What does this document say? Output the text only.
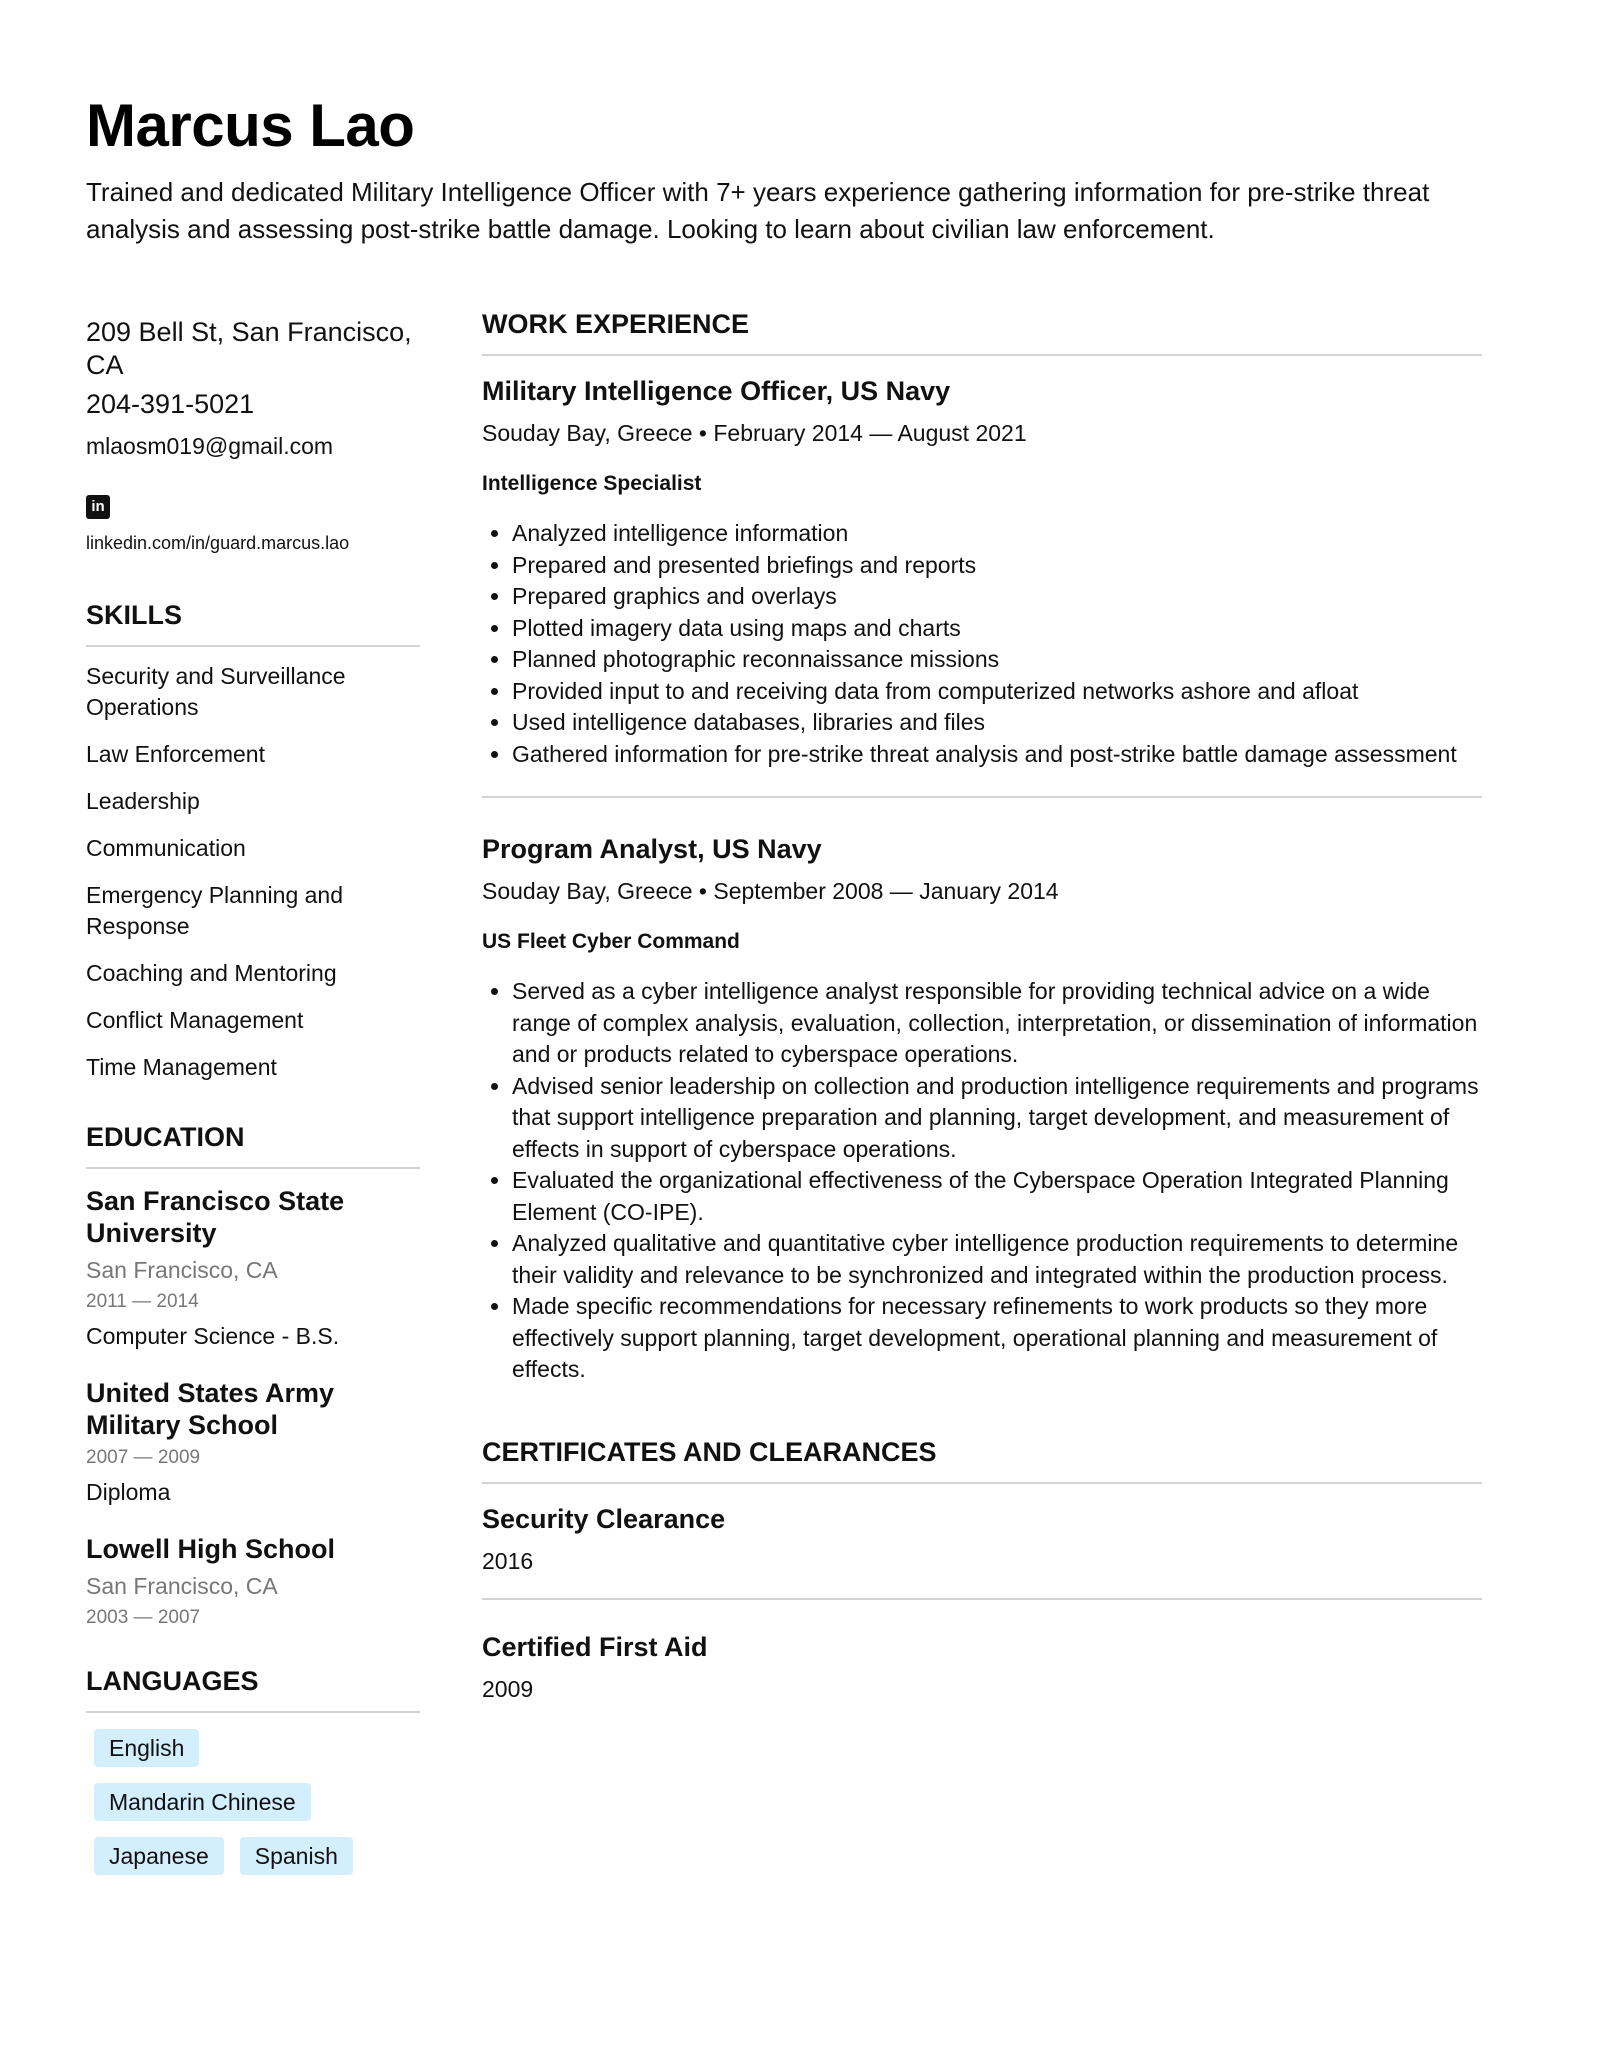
Marcus Lao

Trained and dedicated Military Intelligence Officer with 7+ years experience gathering information for pre-strike threat analysis and assessing post-strike battle damage. Looking to learn about civilian law enforcement.

209 Bell St, San Francisco, CA

204-391-5021

mlaosm019@gmail.com
in
linkedin.com/in/guard.marcus.lao
SKILLS
Security and Surveillance Operations
Law Enforcement
Leadership
Communication
Emergency Planning and Response
Coaching and Mentoring
Conflict Management
Time Management
EDUCATION
San Francisco State University
San Francisco, CA
2011 — 2014
Computer Science - B.S.
United States Army Military School
2007 — 2009
Diploma
Lowell High School
San Francisco, CA
2003 — 2007
LANGUAGES
English
Mandarin Chinese
Japanese	Spanish
WORK EXPERIENCE
Military Intelligence Officer, US Navy
Souday Bay, Greece • February 2014 — August 2021
Intelligence Specialist
• Analyzed intelligence information
• Prepared and presented briefings and reports
• Prepared graphics and overlays
• Plotted imagery data using maps and charts
• Planned photographic reconnaissance missions
• Provided input to and receiving data from computerized networks ashore and afloat
• Used intelligence databases, libraries and files
• Gathered information for pre-strike threat analysis and post-strike battle damage assessment
Program Analyst, US Navy
Souday Bay, Greece • September 2008 — January 2014
US Fleet Cyber Command
• Served as a cyber intelligence analyst responsible for providing technical advice on a wide range of complex analysis, evaluation, collection, interpretation, or dissemination of information and or products related to cyberspace operations.
• Advised senior leadership on collection and production intelligence requirements and programs that support intelligence preparation and planning, target development, and measurement of effects in support of cyberspace operations.
• Evaluated the organizational effectiveness of the Cyberspace Operation Integrated Planning Element (CO-IPE).
• Analyzed qualitative and quantitative cyber intelligence production requirements to determine their validity and relevance to be synchronized and integrated within the production process.
• Made specific recommendations for necessary refinements to work products so they more effectively support planning, target development, operational planning and measurement of effects.
CERTIFICATES AND CLEARANCES
Security Clearance
2016
Certified First Aid
2009
